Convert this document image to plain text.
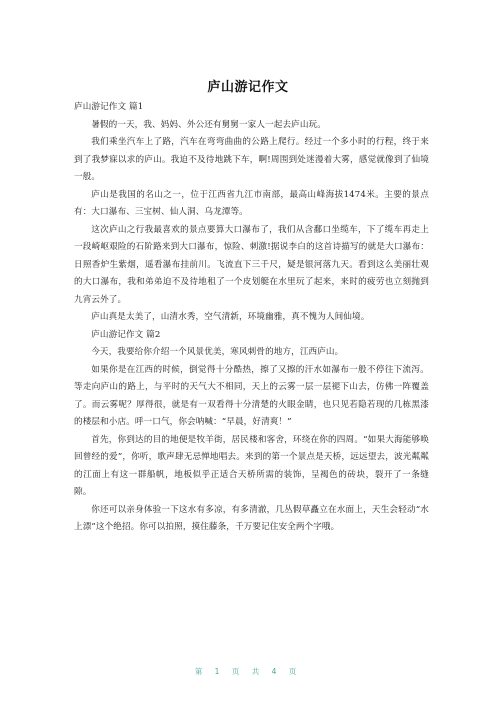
庐山游记作文

庐山游记作文 篇1

暑假的一天，我、妈妈、外公还有舅舅一家人一起去庐山玩。

我们乘坐汽车上了路，汽车在弯弯曲曲的公路上爬行。经过一个多小时的行程，终于来到了我梦寐以求的庐山。我迫不及待地跳下车，啊!周围到处迷漫着大雾，感觉就像到了仙境一般。

庐山是我国的名山之一，位于江西省九江市南部，最高山峰海拔1474米。主要的景点有：大口瀑布、三宝树、仙人洞、乌龙潭等。

这次庐山之行我最喜欢的景点要算大口瀑布了，我们从含鄱口坐缆车，下了缆车再走上一段崎岖艰险的石阶路来到大口瀑布，惊险、刺激!据说李白的这首诗描写的就是大口瀑布：日照香炉生紫烟，遥看瀑布挂前川。飞流直下三千尺，疑是银河落九天。看到这么美丽壮观的大口瀑布，我和弟弟迫不及待地租了一个皮划艇在水里玩了起来，来时的疲劳也立刻抛到九宵云外了。

庐山真是太美了，山清水秀，空气清新，环境幽雅，真不愧为人间仙境。

庐山游记作文 篇2

今天，我要给你介绍一个风景优美，寒风刺骨的地方，江西庐山。

如果你是在江西的时候，倒觉得十分酷热，擦了又擦的汗水如瀑布一般不停往下流泻。等走向庐山的路上，与平时的天气大不相同，天上的云雾一层一层褪下山去，仿佛一阵覆盖了。而云雾呢？厚得很，就是有一双看得十分清楚的火眼金睛，也只见若隐若现的几栋黑漆的楼层和小店。呼一口气，你会呐喊：“早晨，好清爽！”

首先，你到达的目的地便是牧羊街，居民楼和客舍，环绕在你的四周。“如果大海能够唤回曾经的爱”，你听，歌声肆无忌惮地唱去。来到的第一个景点是天桥，远远望去，波光粼粼的江面上有这一群船帆，地板似乎正适合天桥所需的装饰，呈褐色的砖块，裂开了一条缝隙。

你还可以亲身体验一下这水有多凉，有多清澈，几丛假草矗立在水面上，天生会轻动“水上漂”这个绝招。你可以拍照，摸住藤条，千万要记住安全两个字哦。

第 1 页 共 4 页
